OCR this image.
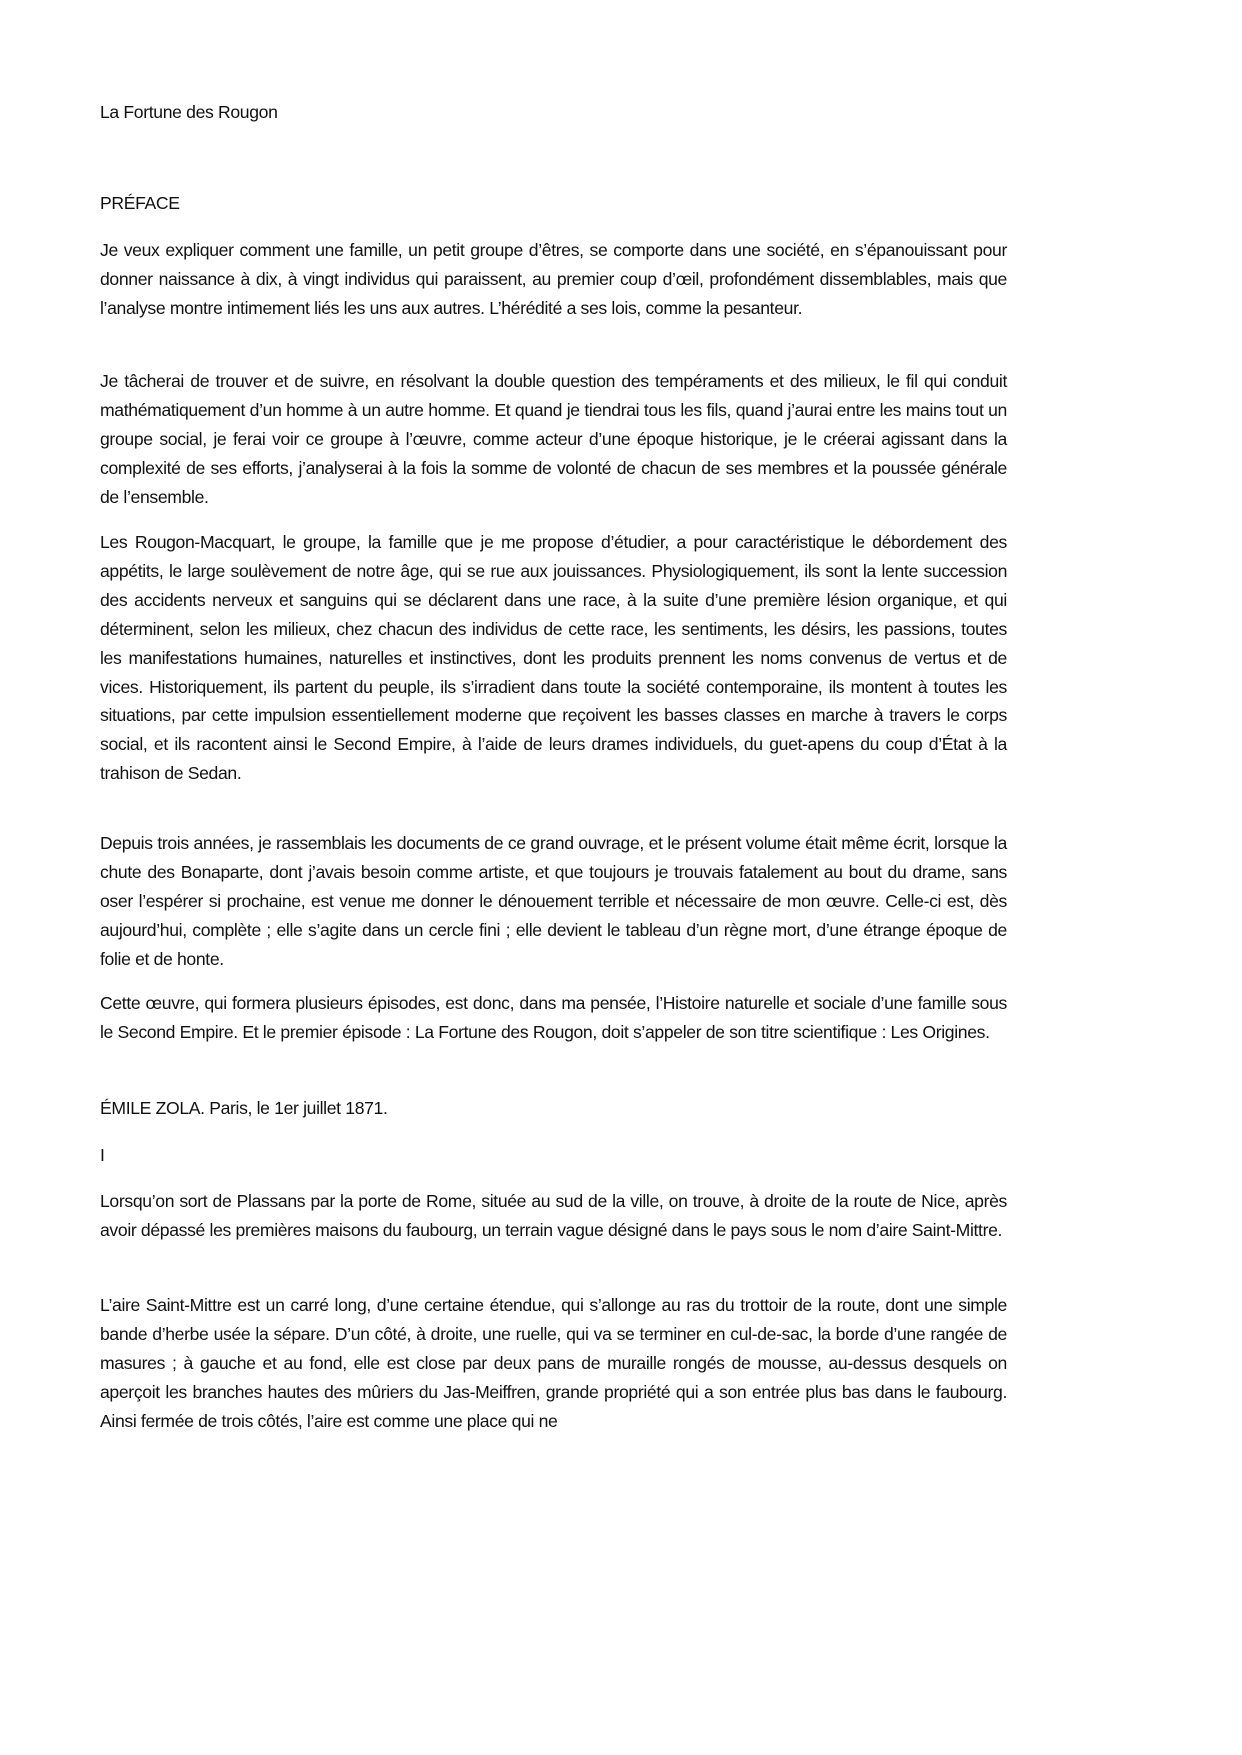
La Fortune des Rougon

PRÉFACE

Je veux expliquer comment une famille, un petit groupe d’êtres, se comporte dans une société, en s’épanouissant pour donner naissance à dix, à vingt individus qui paraissent, au premier coup d’œil, profondément dissemblables, mais que l’analyse montre intimement liés les uns aux autres. L’hérédité a ses lois, comme la pesanteur.

Je tâcherai de trouver et de suivre, en résolvant la double question des tempéraments et des milieux, le fil qui conduit mathématiquement d’un homme à un autre homme. Et quand je tiendrai tous les fils, quand j’aurai entre les mains tout un groupe social, je ferai voir ce groupe à l’œuvre, comme acteur d’une époque historique, je le créerai agissant dans la complexité de ses efforts, j’analyserai à la fois la somme de volonté de chacun de ses membres et la poussée générale de l’ensemble.

Les Rougon-Macquart, le groupe, la famille que je me propose d’étudier, a pour caractéristique le débordement des appétits, le large soulèvement de notre âge, qui se rue aux jouissances. Physiologiquement, ils sont la lente succession des accidents nerveux et sanguins qui se déclarent dans une race, à la suite d’une première lésion organique, et qui déterminent, selon les milieux, chez chacun des individus de cette race, les sentiments, les désirs, les passions, toutes les manifestations humaines, naturelles et instinctives, dont les produits prennent les noms convenus de vertus et de vices. Historiquement, ils partent du peuple, ils s’irradient dans toute la société contemporaine, ils montent à toutes les situations, par cette impulsion essentiellement moderne que reçoivent les basses classes en marche à travers le corps social, et ils racontent ainsi le Second Empire, à l’aide de leurs drames individuels, du guet-apens du coup d’État à la trahison de Sedan.

Depuis trois années, je rassemblais les documents de ce grand ouvrage, et le présent volume était même écrit, lorsque la chute des Bonaparte, dont j’avais besoin comme artiste, et que toujours je trouvais fatalement au bout du drame, sans oser l’espérer si prochaine, est venue me donner le dénouement terrible et nécessaire de mon œuvre. Celle-ci est, dès aujourd’hui, complète ; elle s’agite dans un cercle fini ; elle devient le tableau d’un règne mort, d’une étrange époque de folie et de honte.

Cette œuvre, qui formera plusieurs épisodes, est donc, dans ma pensée, l’Histoire naturelle et sociale d’une famille sous le Second Empire. Et le premier épisode : La Fortune des Rougon, doit s’appeler de son titre scientifique : Les Origines.

ÉMILE ZOLA. Paris, le 1er juillet 1871.

I

Lorsqu’on sort de Plassans par la porte de Rome, située au sud de la ville, on trouve, à droite de la route de Nice, après avoir dépassé les premières maisons du faubourg, un terrain vague désigné dans le pays sous le nom d’aire Saint-Mittre.

L’aire Saint-Mittre est un carré long, d’une certaine étendue, qui s’allonge au ras du trottoir de la route, dont une simple bande d’herbe usée la sépare. D’un côté, à droite, une ruelle, qui va se terminer en cul-de-sac, la borde d’une rangée de masures ; à gauche et au fond, elle est close par deux pans de muraille rongés de mousse, au-dessus desquels on aperçoit les branches hautes des mûriers du Jas-Meiffren, grande propriété qui a son entrée plus bas dans le faubourg. Ainsi fermée de trois côtés, l’aire est comme une place qui ne
